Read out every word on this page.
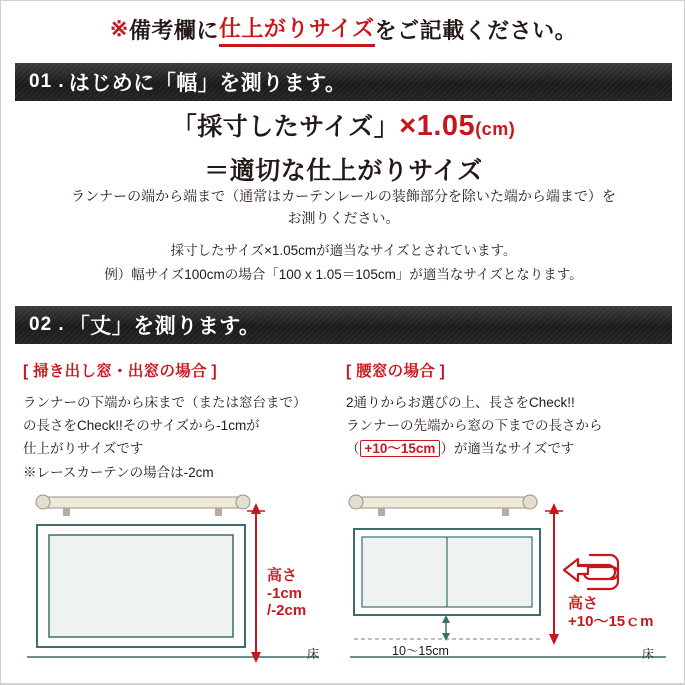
※ 備考欄に 仕上がりサイズ をご記載ください。
01 . はじめに「幅」を測ります。
「採寸したサイズ」×1.05(cm)
＝適切な仕上がりサイズ
ランナーの端から端まで（通常はカーテンレールの装飾部分を除いた端から端まで）を
お測りください。
採寸したサイズ×1.05cmが適当なサイズとされています。
例）幅サイズ100cmの場合「100 x 1.05＝105cm」が適当なサイズとなります。
02 . 「丈」を測ります。
[ 掃き出し窓・出窓の場合 ]
ランナーの下端から床まで（または窓台まで）
の長さをCheck!!そのサイズから-1cmが
仕上がりサイズです
※レースカーテンの場合は-2cm
[ 腰窓の場合 ]
2通りからお選びの上、長さをCheck!!
ランナーの先端から窓の下までの長さから
（ +10〜15cm ）が適当なサイズです
高さ
-1cm
/-2cm
床	10〜15cm
高さ
+10〜15ｃm
床
